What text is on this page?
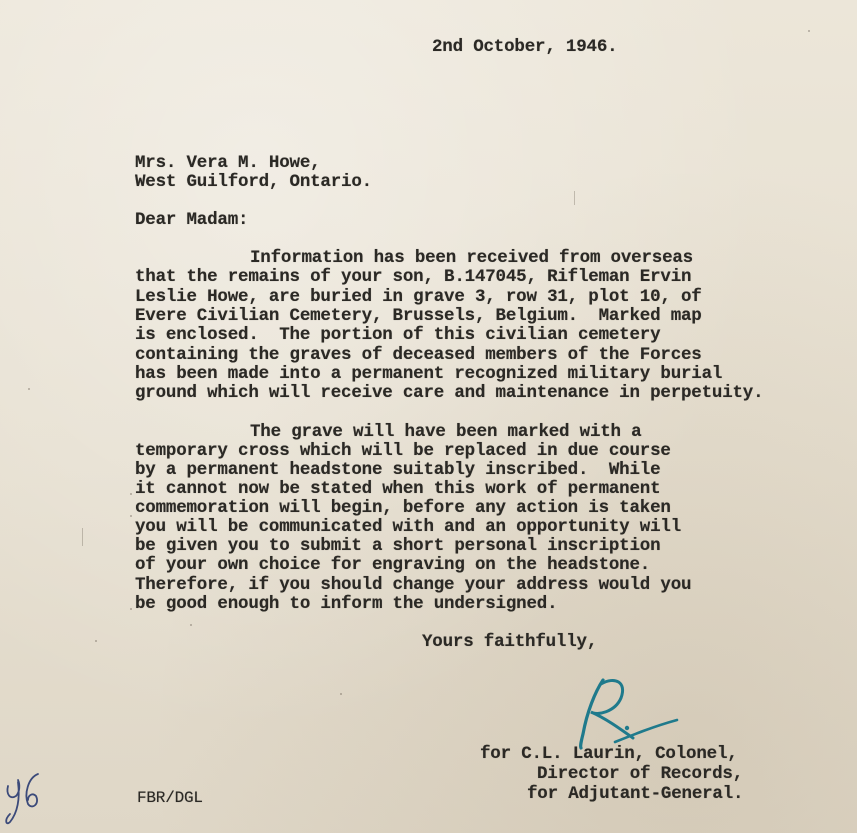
2nd October, 1946.
Mrs. Vera M. Howe,
West Guilford, Ontario.
Dear Madam:
Information has been received from overseas
that the remains of your son, B.147045, Rifleman Ervin
Leslie Howe, are buried in grave 3, row 31, plot 10, of
Evere Civilian Cemetery, Brussels, Belgium.  Marked map
is enclosed.  The portion of this civilian cemetery
containing the graves of deceased members of the Forces
has been made into a permanent recognized military burial
ground which will receive care and maintenance in perpetuity.
The grave will have been marked with a
temporary cross which will be replaced in due course
by a permanent headstone suitably inscribed.  While
it cannot now be stated when this work of permanent
commemoration will begin, before any action is taken
you will be communicated with and an opportunity will
be given you to submit a short personal inscription
of your own choice for engraving on the headstone.
Therefore, if you should change your address would you
be good enough to inform the undersigned.
Yours faithfully,
for C.L. Laurin, Colonel,
Director of Records,
for Adjutant-General.
FBR/DGL
